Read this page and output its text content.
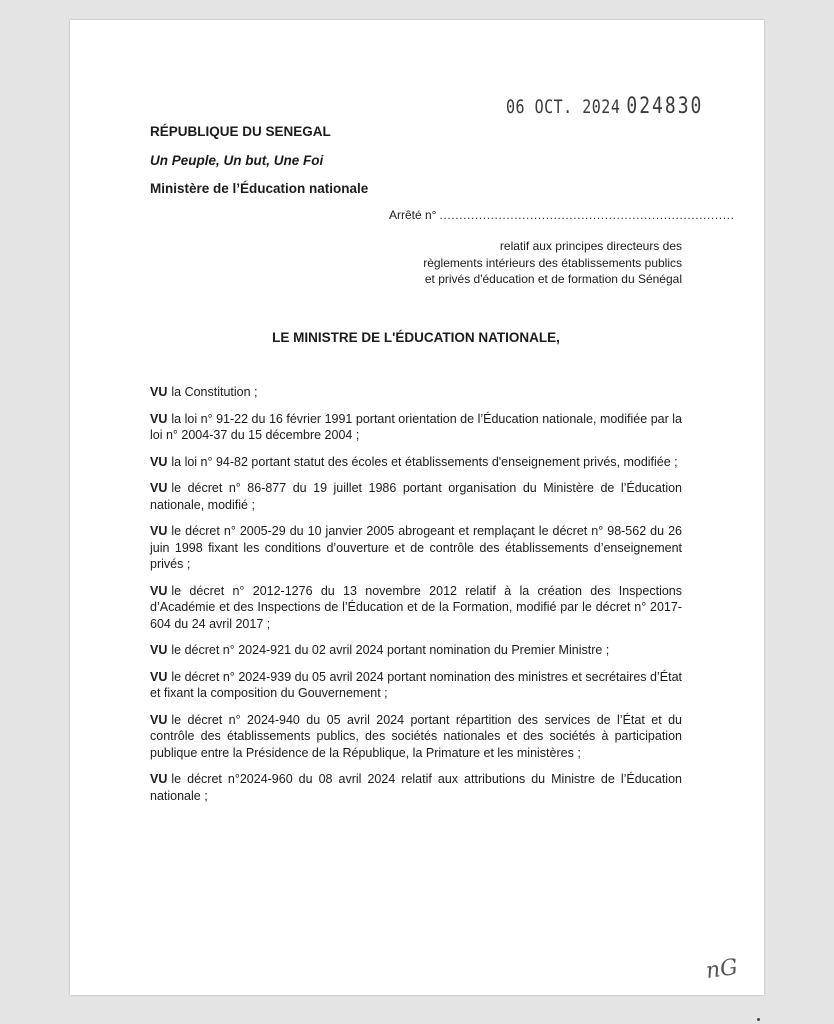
06 OCT. 2024 024830
RÉPUBLIQUE DU SENEGAL
Un Peuple, Un but, Une Foi
Ministère de l’Éducation nationale
Arrêté n° ...........................................................................
relatif aux principes directeurs des
règlements intérieurs des établissements publics
et privés d'éducation et de formation du Sénégal
LE MINISTRE DE L'ÉDUCATION NATIONALE,
VU la Constitution ;
VU la loi n° 91-22 du 16 février 1991 portant orientation de l’Éducation nationale, modifiée par la loi n° 2004-37 du 15 décembre 2004 ;
VU la loi n° 94-82 portant statut des écoles et établissements d'enseignement privés, modifiée ;
VU le décret n° 86-877 du 19 juillet 1986 portant organisation du Ministère de l’Éducation nationale, modifié ;
VU le décret n° 2005-29 du 10 janvier 2005 abrogeant et remplaçant le décret n° 98-562 du 26 juin 1998 fixant les conditions d’ouverture et de contrôle des établissements d’enseignement privés ;
VU le décret n° 2012-1276 du 13 novembre 2012 relatif à la création des Inspections d’Académie et des Inspections de l’Éducation et de la Formation, modifié par le décret n° 2017-604 du 24 avril 2017 ;
VU le décret n° 2024-921 du 02 avril 2024 portant nomination du Premier Ministre ;
VU le décret n° 2024-939 du 05 avril 2024 portant nomination des ministres et secrétaires d’État et fixant la composition du Gouvernement ;
VU le décret n° 2024-940 du 05 avril 2024 portant répartition des services de l’État et du contrôle des établissements publics, des sociétés nationales et des sociétés à participation publique entre la Présidence de la République, la Primature et les ministères ;
VU le décret n°2024-960 du 08 avril 2024 relatif aux attributions du Ministre de l’Éducation nationale ;
nG
